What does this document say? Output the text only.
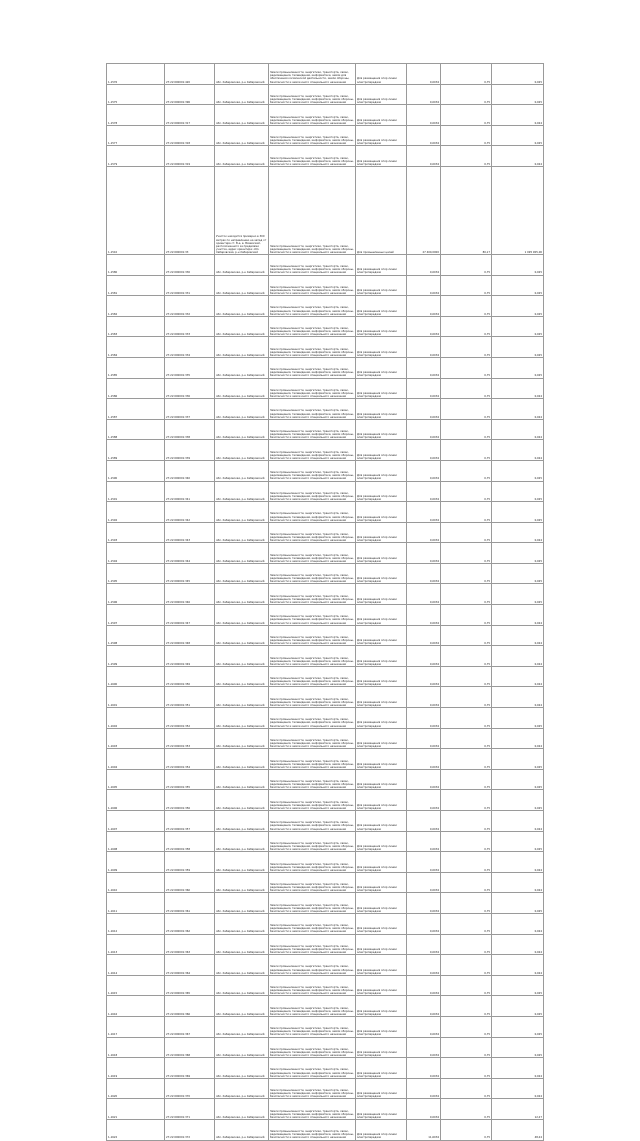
1-1576	27:22:000001:420	обл. Хабаровская, р-н Хабаровский	Земли промышленности, энергетики, транспорта, связи, радиовещания, телевидения, информатики, земли для обеспечения космической деятельности, земли обороны, безопасности и земли иного специального назначения	Для размещения опор линии электропередачи	0,0034	0,75	0,025
1-1575	27:22:000001:396	обл. Хабаровская, р-н Хабаровский	Земли промышленности, энергетики, транспорта, связи, радиовещания, телевидения, информатики, земли обороны, безопасности и земли иного специального назначения	Для размещения опор линии электропередачи	0,0034	0,75	0,025
1-1578	27:22:000001:317	обл. Хабаровская, р-н Хабаровский	Земли промышленности, энергетики, транспорта, связи, радиовещания, телевидения, информатики, земли обороны, безопасности и земли иного специального назначения	Для размещения опор линии электропередачи	0,0034	0,75	0,024
1-1577	27:22:000001:318	обл. Хабаровская, р-н Хабаровский	Земли промышленности, энергетики, транспорта, связи, радиовещания, телевидения, информатики, земли обороны, безопасности и земли иного специального назначения	Для размещения опор линии электропередачи	0,0034	0,75	0,025
1-1579	27:22:000001:319	обл. Хабаровская, р-н Хабаровский	Земли промышленности, энергетики, транспорта, связи, радиовещания, телевидения, информатики, земли обороны, безопасности и земли иного специального назначения	Для размещения опор линии электропередачи	0,0034	0,75	0,024
1-1510	27:22:000001:33	Участок находится примерно в 300 метрах по направлению на запад от ориентира ст. В-е, в. Вяземский, расположенного за пределами участка, адрес ориентира: обл. Хабаровская, р-н Хабаровский	Земли промышленности, энергетики, транспорта, связи, радиовещания, телевидения, информатики, земли обороны, безопасности и земли иного специального назначения	Для промышленных целей	27 400,0000	80,17	1 095 905,00
1-1580	27:22:000001:330	обл. Хабаровская, р-н Хабаровский	Земли промышленности, энергетики, транспорта, связи, радиовещания, телевидения, информатики, земли обороны, безопасности и земли иного специального назначения	Для размещения опор линии электропередачи	0,0034	0,75	0,025
1-1581	27:22:000001:331	обл. Хабаровская, р-н Хабаровский	Земли промышленности, энергетики, транспорта, связи, радиовещания, телевидения, информатики, земли обороны, безопасности и земли иного специального назначения	Для размещения опор линии электропередачи	0,0034	0,75	0,025
1-1582	27:22:000001:332	обл. Хабаровская, р-н Хабаровский	Земли промышленности, энергетики, транспорта, связи, радиовещания, телевидения, информатики, земли обороны, безопасности и земли иного специального назначения	Для размещения опор линии электропередачи	0,0034	0,75	0,025
1-1583	27:22:000001:333	обл. Хабаровская, р-н Хабаровский	Земли промышленности, энергетики, транспорта, связи, радиовещания, телевидения, информатики, земли обороны, безопасности и земли иного специального назначения	Для размещения опор линии электропередачи	0,0034	0,75	0,025
1-1584	27:22:000001:334	обл. Хабаровская, р-н Хабаровский	Земли промышленности, энергетики, транспорта, связи, радиовещания, телевидения, информатики, земли обороны, безопасности и земли иного специального назначения	Для размещения опор линии электропередачи	0,0034	0,75	0,025
1-1585	27:22:000001:335	обл. Хабаровская, р-н Хабаровский	Земли промышленности, энергетики, транспорта, связи, радиовещания, телевидения, информатики, земли обороны, безопасности и земли иного специального назначения	Для размещения опор линии электропередачи	0,0034	0,75	0,025
1-1586	27:22:000001:336	обл. Хабаровская, р-н Хабаровский	Земли промышленности, энергетики, транспорта, связи, радиовещания, телевидения, информатики, земли обороны, безопасности и земли иного специального назначения	Для размещения опор линии электропередачи	0,0034	0,75	0,024
1-1587	27:22:000001:337	обл. Хабаровская, р-н Хабаровский	Земли промышленности, энергетики, транспорта, связи, радиовещания, телевидения, информатики, земли обороны, безопасности и земли иного специального назначения	Для размещения опор линии электропередачи	0,0034	0,75	0,024
1-1588	27:22:000001:338	обл. Хабаровская, р-н Хабаровский	Земли промышленности, энергетики, транспорта, связи, радиовещания, телевидения, информатики, земли обороны, безопасности и земли иного специального назначения	Для размещения опор линии электропередачи	0,0034	0,75	0,024
1-1589	27:22:000001:339	обл. Хабаровская, р-н Хабаровский	Земли промышленности, энергетики, транспорта, связи, радиовещания, телевидения, информатики, земли обороны, безопасности и земли иного специального назначения	Для размещения опор линии электропередачи	0,0034	0,75	0,024
1-1590	27:22:000001:340	обл. Хабаровская, р-н Хабаровский	Земли промышленности, энергетики, транспорта, связи, радиовещания, телевидения, информатики, земли обороны, безопасности и земли иного специального назначения	Для размещения опор линии электропередачи	0,0034	0,75	0,025
1-1591	27:22:000001:341	обл. Хабаровская, р-н Хабаровский	Земли промышленности, энергетики, транспорта, связи, радиовещания, телевидения, информатики, земли обороны, безопасности и земли иного специального назначения	Для размещения опор линии электропередачи	0,0034	0,75	0,025
1-1592	27:22:000001:342	обл. Хабаровская, р-н Хабаровский	Земли промышленности, энергетики, транспорта, связи, радиовещания, телевидения, информатики, земли обороны, безопасности и земли иного специального назначения	Для размещения опор линии электропередачи	0,0034	0,75	0,025
1-1593	27:22:000001:343	обл. Хабаровская, р-н Хабаровский	Земли промышленности, энергетики, транспорта, связи, радиовещания, телевидения, информатики, земли обороны, безопасности и земли иного специального назначения	Для размещения опор линии электропередачи	0,0034	0,75	0,024
1-1594	27:22:000001:344	обл. Хабаровская, р-н Хабаровский	Земли промышленности, энергетики, транспорта, связи, радиовещания, телевидения, информатики, земли обороны, безопасности и земли иного специального назначения	Для размещения опор линии электропередачи	0,0034	0,75	0,025
1-1595	27:22:000001:345	обл. Хабаровская, р-н Хабаровский	Земли промышленности, энергетики, транспорта, связи, радиовещания, телевидения, информатики, земли обороны, безопасности и земли иного специального назначения	Для размещения опор линии электропередачи	0,0034	0,75	0,025
1-1596	27:22:000001:346	обл. Хабаровская, р-н Хабаровский	Земли промышленности, энергетики, транспорта, связи, радиовещания, телевидения, информатики, земли обороны, безопасности и земли иного специального назначения	Для размещения опор линии электропередачи	0,0034	0,75	0,025
1-1597	27:22:000001:347	обл. Хабаровская, р-н Хабаровский	Земли промышленности, энергетики, транспорта, связи, радиовещания, телевидения, информатики, земли обороны, безопасности и земли иного специального назначения	Для размещения опор линии электропередачи	0,0034	0,75	0,024
1-1598	27:22:000001:348	обл. Хабаровская, р-н Хабаровский	Земли промышленности, энергетики, транспорта, связи, радиовещания, телевидения, информатики, земли обороны, безопасности и земли иного специального назначения	Для размещения опор линии электропередачи	0,0034	0,75	0,024
1-1599	27:22:000001:349	обл. Хабаровская, р-н Хабаровский	Земли промышленности, энергетики, транспорта, связи, радиовещания, телевидения, информатики, земли обороны, безопасности и земли иного специального назначения	Для размещения опор линии электропередачи	0,0034	0,75	0,024
1-1600	27:22:000001:350	обл. Хабаровская, р-н Хабаровский	Земли промышленности, энергетики, транспорта, связи, радиовещания, телевидения, информатики, земли обороны, безопасности и земли иного специального назначения	Для размещения опор линии электропередачи	0,0034	0,75	0,024
1-1601	27:22:000001:351	обл. Хабаровская, р-н Хабаровский	Земли промышленности, энергетики, транспорта, связи, радиовещания, телевидения, информатики, земли обороны, безопасности и земли иного специального назначения	Для размещения опор линии электропередачи	0,0034	0,75	0,024
1-1602	27:22:000001:352	обл. Хабаровская, р-н Хабаровский	Земли промышленности, энергетики, транспорта, связи, радиовещания, телевидения, информатики, земли обороны, безопасности и земли иного специального назначения	Для размещения опор линии электропередачи	0,0034	0,75	0,025
1-1603	27:22:000001:353	обл. Хабаровская, р-н Хабаровский	Земли промышленности, энергетики, транспорта, связи, радиовещания, телевидения, информатики, земли обороны, безопасности и земли иного специального назначения	Для размещения опор линии электропередачи	0,0034	0,75	0,024
1-1604	27:22:000001:354	обл. Хабаровская, р-н Хабаровский	Земли промышленности, энергетики, транспорта, связи, радиовещания, телевидения, информатики, земли обороны, безопасности и земли иного специального назначения	Для размещения опор линии электропередачи	0,0034	0,75	0,025
1-1605	27:22:000001:355	обл. Хабаровская, р-н Хабаровский	Земли промышленности, энергетики, транспорта, связи, радиовещания, телевидения, информатики, земли обороны, безопасности и земли иного специального назначения	Для размещения опор линии электропередачи	0,0034	0,75	0,025
1-1606	27:22:000001:356	обл. Хабаровская, р-н Хабаровский	Земли промышленности, энергетики, транспорта, связи, радиовещания, телевидения, информатики, земли обороны, безопасности и земли иного специального назначения	Для размещения опор линии электропередачи	0,0034	0,75	0,025
1-1607	27:22:000001:357	обл. Хабаровская, р-н Хабаровский	Земли промышленности, энергетики, транспорта, связи, радиовещания, телевидения, информатики, земли обороны, безопасности и земли иного специального назначения	Для размещения опор линии электропередачи	0,0034	0,75	0,024
1-1608	27:22:000001:358	обл. Хабаровская, р-н Хабаровский	Земли промышленности, энергетики, транспорта, связи, радиовещания, телевидения, информатики, земли обороны, безопасности и земли иного специального назначения	Для размещения опор линии электропередачи	0,0034	0,75	0,025
1-1609	27:22:000001:359	обл. Хабаровская, р-н Хабаровский	Земли промышленности, энергетики, транспорта, связи, радиовещания, телевидения, информатики, земли обороны, безопасности и земли иного специального назначения	Для размещения опор линии электропередачи	0,0034	0,75	0,024
1-1610	27:22:000001:360	обл. Хабаровская, р-н Хабаровский	Земли промышленности, энергетики, транспорта, связи, радиовещания, телевидения, информатики, земли обороны, безопасности и земли иного специального назначения	Для размещения опор линии электропередачи	0,0034	0,75	0,024
1-1611	27:22:000001:361	обл. Хабаровская, р-н Хабаровский	Земли промышленности, энергетики, транспорта, связи, радиовещания, телевидения, информатики, земли обороны, безопасности и земли иного специального назначения	Для размещения опор линии электропередачи	0,0034	0,75	0,025
1-1612	27:22:000001:362	обл. Хабаровская, р-н Хабаровский	Земли промышленности, энергетики, транспорта, связи, радиовещания, телевидения, информатики, земли обороны, безопасности и земли иного специального назначения	Для размещения опор линии электропередачи	0,0034	0,75	0,024
1-1613	27:22:000001:363	обл. Хабаровская, р-н Хабаровский	Земли промышленности, энергетики, транспорта, связи, радиовещания, телевидения, информатики, земли обороны, безопасности и земли иного специального назначения	Для размещения опор линии электропередачи	0,0034	0,75	0,024
1-1614	27:22:000001:364	обл. Хабаровская, р-н Хабаровский	Земли промышленности, энергетики, транспорта, связи, радиовещания, телевидения, информатики, земли обороны, безопасности и земли иного специального назначения	Для размещения опор линии электропередачи	0,0034	0,75	0,024
1-1615	27:22:000001:365	обл. Хабаровская, р-н Хабаровский	Земли промышленности, энергетики, транспорта, связи, радиовещания, телевидения, информатики, земли обороны, безопасности и земли иного специального назначения	Для размещения опор линии электропередачи	0,0034	0,75	0,025
1-1616	27:22:000001:366	обл. Хабаровская, р-н Хабаровский	Земли промышленности, энергетики, транспорта, связи, радиовещания, телевидения, информатики, земли обороны, безопасности и земли иного специального назначения	Для размещения опор линии электропередачи	0,0034	0,75	0,025
1-1617	27:22:000001:367	обл. Хабаровская, р-н Хабаровский	Земли промышленности, энергетики, транспорта, связи, радиовещания, телевидения, информатики, земли обороны, безопасности и земли иного специального назначения	Для размещения опор линии электропередачи	0,0034	0,75	0,025
1-1618	27:22:000001:368	обл. Хабаровская, р-н Хабаровский	Земли промышленности, энергетики, транспорта, связи, радиовещания, телевидения, информатики, земли обороны, безопасности и земли иного специального назначения	Для размещения опор линии электропередачи	0,0034	0,75	0,025
1-1619	27:22:000001:369	обл. Хабаровская, р-н Хабаровский	Земли промышленности, энергетики, транспорта, связи, радиовещания, телевидения, информатики, земли обороны, безопасности и земли иного специального назначения	Для размещения опор линии электропередачи	0,0034	0,75	0,024
1-1620	27:22:000001:370	обл. Хабаровская, р-н Хабаровский	Земли промышленности, энергетики, транспорта, связи, радиовещания, телевидения, информатики, земли обороны, безопасности и земли иного специального назначения	Для размещения опор линии электропередачи	0,0034	0,75	0,024
1-1621	27:22:000001:371	обл. Хабаровская, р-н Хабаровский	Земли промышленности, энергетики, транспорта, связи, радиовещания, телевидения, информатики, земли обороны, безопасности и земли иного специального назначения	Для размещения опор линии электропередачи	0,0034	0,75	12,27
1-1622	27:22:000001:372	обл. Хабаровская, р-н Хабаровский	Земли промышленности, энергетики, транспорта, связи, радиовещания, телевидения, информатики, земли обороны, безопасности и земли иного специального назначения	Для размещения опор линии электропередачи	11,6034	0,75	48,24
